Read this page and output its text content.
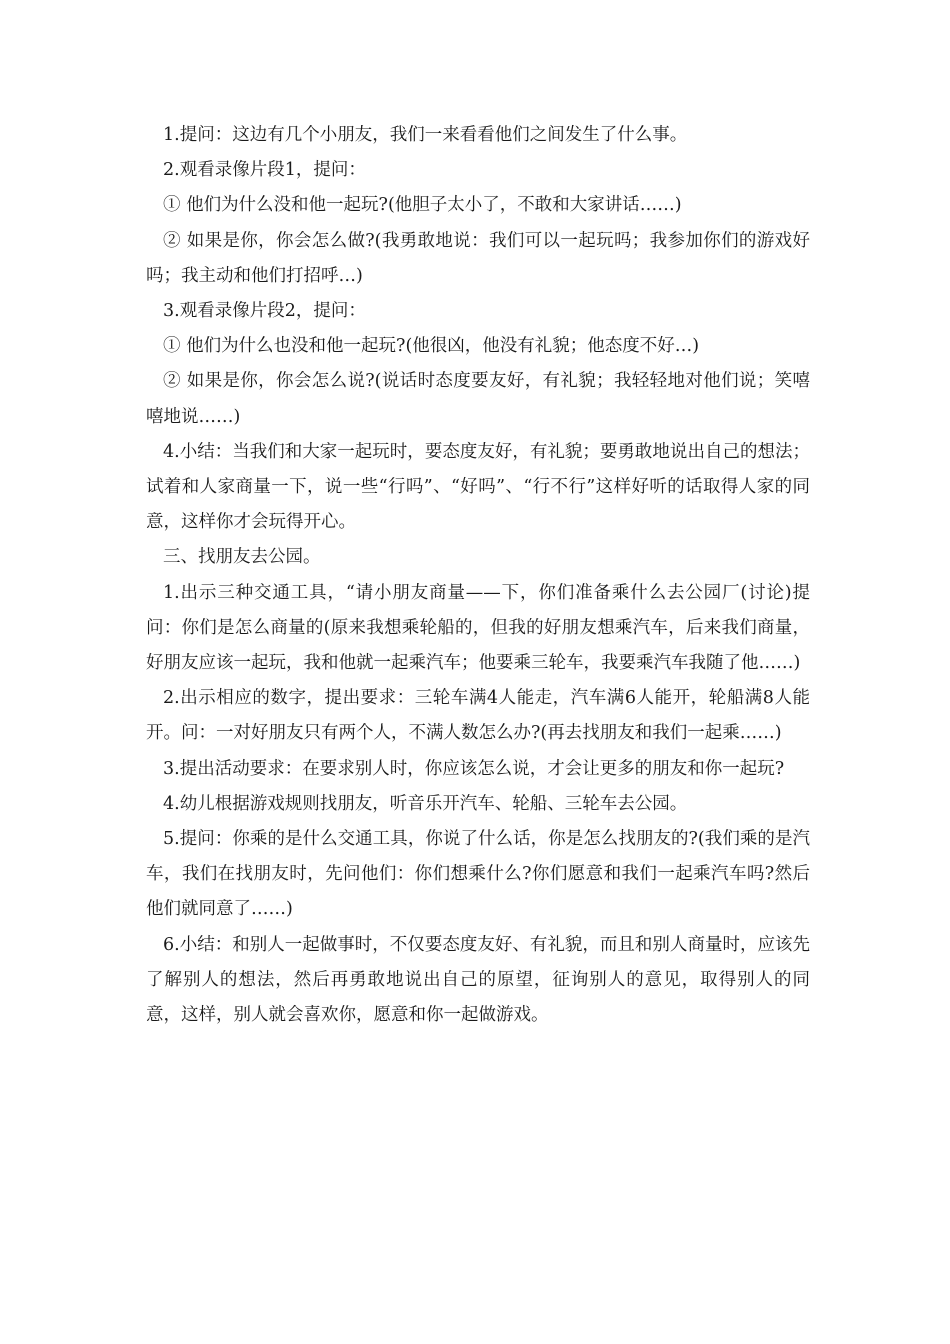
1.提问：这边有几个小朋友，我们一来看看他们之间发生了什么事。

2.观看录像片段1，提问：

① 他们为什么没和他一起玩?(他胆子太小了，不敢和大家讲话……)

② 如果是你，你会怎么做?(我勇敢地说：我们可以一起玩吗；我参加你们的游戏好吗；我主动和他们打招呼…)

3.观看录像片段2，提问：

① 他们为什么也没和他一起玩?(他很凶，他没有礼貌；他态度不好…)

② 如果是你，你会怎么说?(说话时态度要友好，有礼貌；我轻轻地对他们说；笑嘻嘻地说……)

4.小结：当我们和大家一起玩时，要态度友好，有礼貌；要勇敢地说出自己的想法；试着和人家商量一下，说一些“行吗”、“好吗”、“行不行”这样好听的话取得人家的同意，这样你才会玩得开心。

三、找朋友去公园。

1.出示三种交通工具，“请小朋友商量——下，你们准备乘什么去公园厂(讨论)提问：你们是怎么商量的(原来我想乘轮船的，但我的好朋友想乘汽车，后来我们商量，好朋友应该一起玩，我和他就一起乘汽车；他要乘三轮车，我要乘汽车我随了他……)

2.出示相应的数字，提出要求：三轮车满4人能走，汽车满6人能开，轮船满8人能开。问：一对好朋友只有两个人，不满人数怎么办?(再去找朋友和我们一起乘……)

3.提出活动要求：在要求别人时，你应该怎么说，才会让更多的朋友和你一起玩?

4.幼儿根据游戏规则找朋友，听音乐开汽车、轮船、三轮车去公园。

5.提问：你乘的是什么交通工具，你说了什么话，你是怎么找朋友的?(我们乘的是汽车，我们在找朋友时，先问他们：你们想乘什么?你们愿意和我们一起乘汽车吗?然后他们就同意了……)

6.小结：和别人一起做事时，不仅要态度友好、有礼貌，而且和别人商量时，应该先了解别人的想法，然后再勇敢地说出自己的原望，征询别人的意见，取得别人的同意，这样，别人就会喜欢你，愿意和你一起做游戏。
